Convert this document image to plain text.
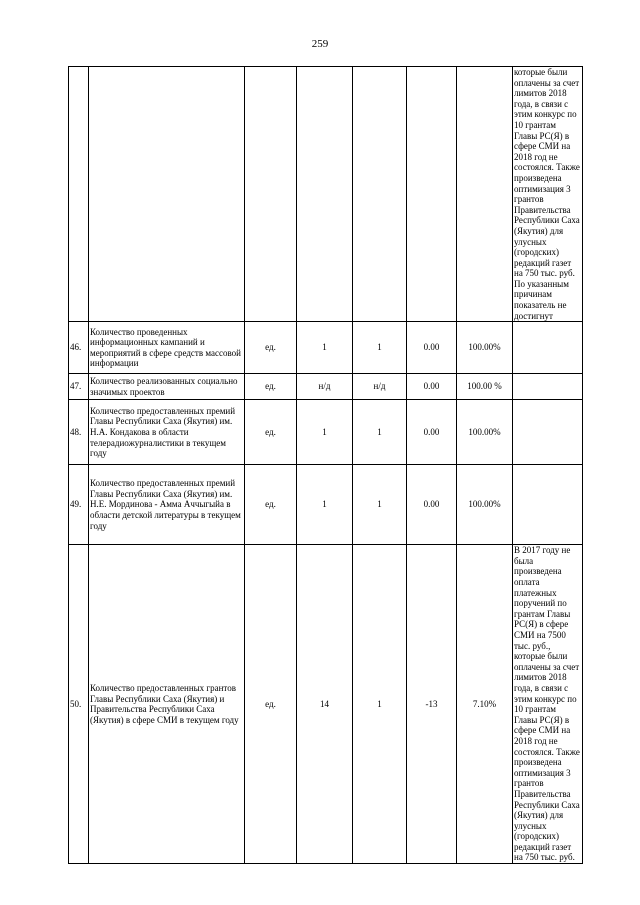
259
							которые были оплачены за счет лимитов 2018 года, в связи с этим конкурс по 10 грантам Главы РС(Я) в сфере СМИ на 2018 год не состоялся. Также произведена оптимизация 3 грантов Правительства Республики Саха (Якутия) для улусных (городских) редакций газет на 750 тыс. руб. По указанным причинам показатель не достигнут
46.	Количество проведенных информационных кампаний и мероприятий в сфере средств массовой информации	ед.	1	1	0.00	100.00%	
47.	Количество реализованных социально значимых проектов	ед.	н/д	н/д	0.00	100.00 %	
48.	Количество предоставленных премий Главы Республики Саха (Якутия) им. Н.А. Кондакова в области телерадиожурналистики в текущем году	ед.	1	1	0.00	100.00%	
49.	Количество предоставленных премий Главы Республики Саха (Якутия) им. Н.Е. Мординова - Амма Аччыгыйа в области детской литературы в текущем году	ед.	1	1	0.00	100.00%	
50.	Количество предоставленных грантов Главы Республики Саха (Якутия) и Правительства Республики Саха (Якутия) в сфере СМИ в текущем году	ед.	14	1	-13	7.10%	В 2017 году не была произведена оплата платежных поручений по грантам Главы РС(Я) в сфере СМИ на 7500 тыс. руб., которые были оплачены за счет лимитов 2018 года, в связи с этим конкурс по 10 грантам Главы РС(Я) в сфере СМИ на 2018 год не состоялся. Также произведена оптимизация 3 грантов Правительства Республики Саха (Якутия) для улусных (городских) редакций газет на 750 тыс. руб.
